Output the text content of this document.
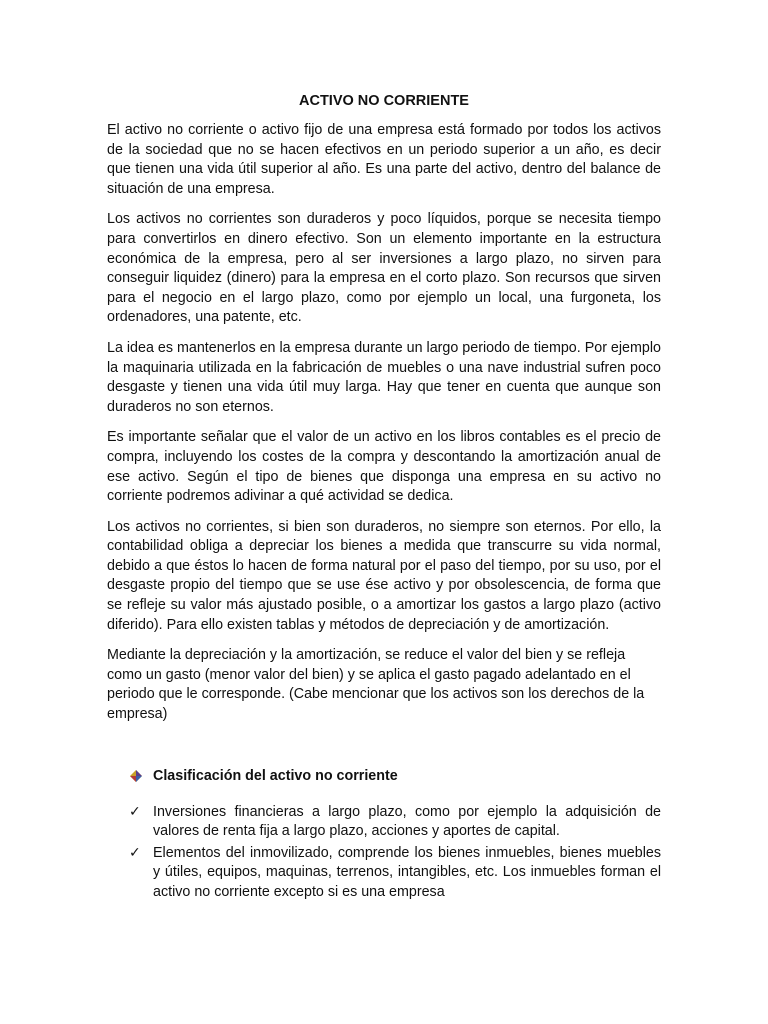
ACTIVO NO CORRIENTE

El activo no corriente o activo fijo de una empresa está formado por todos los activos de la sociedad que no se hacen efectivos en un periodo superior a un año, es decir que tienen una vida útil superior al año. Es una parte del activo, dentro del balance de situación de una empresa.

Los activos no corrientes son duraderos y poco líquidos, porque se necesita tiempo para convertirlos en dinero efectivo. Son un elemento importante en la estructura económica de la empresa, pero al ser inversiones a largo plazo, no sirven para conseguir liquidez (dinero) para la empresa en el corto plazo. Son recursos que sirven para el negocio en el largo plazo, como por ejemplo un local, una furgoneta, los ordenadores, una patente, etc.

La idea es mantenerlos en la empresa durante un largo periodo de tiempo. Por ejemplo la maquinaria utilizada en la fabricación de muebles o una nave industrial sufren poco desgaste y tienen una vida útil muy larga. Hay que tener en cuenta que aunque son duraderos no son eternos.

Es importante señalar que el valor de un activo en los libros contables es el precio de compra, incluyendo los costes de la compra y descontando la amortización anual de ese activo. Según el tipo de bienes que disponga una empresa en su activo no corriente podremos adivinar a qué actividad se dedica.

Los activos no corrientes, si bien son duraderos, no siempre son eternos. Por ello, la contabilidad obliga a depreciar los bienes a medida que transcurre su vida normal, debido a que éstos lo hacen de forma natural por el paso del tiempo, por su uso, por el desgaste propio del tiempo que se use ése activo y por obsolescencia, de forma que se refleje su valor más ajustado posible, o a amortizar los gastos a largo plazo (activo diferido). Para ello existen tablas y métodos de depreciación y de amortización.

Mediante la depreciación y la amortización, se reduce el valor del bien y se refleja como un gasto (menor valor del bien) y se aplica el gasto pagado adelantado en el periodo que le corresponde. (Cabe mencionar que los activos son los derechos de la empresa)

Clasificación del activo no corriente
✓ Inversiones financieras a largo plazo, como por ejemplo la adquisición de valores de renta fija a largo plazo, acciones y aportes de capital.
✓ Elementos del inmovilizado, comprende los bienes inmuebles, bienes muebles y útiles, equipos, maquinas, terrenos, intangibles, etc. Los inmuebles forman el activo no corriente excepto si es una empresa
